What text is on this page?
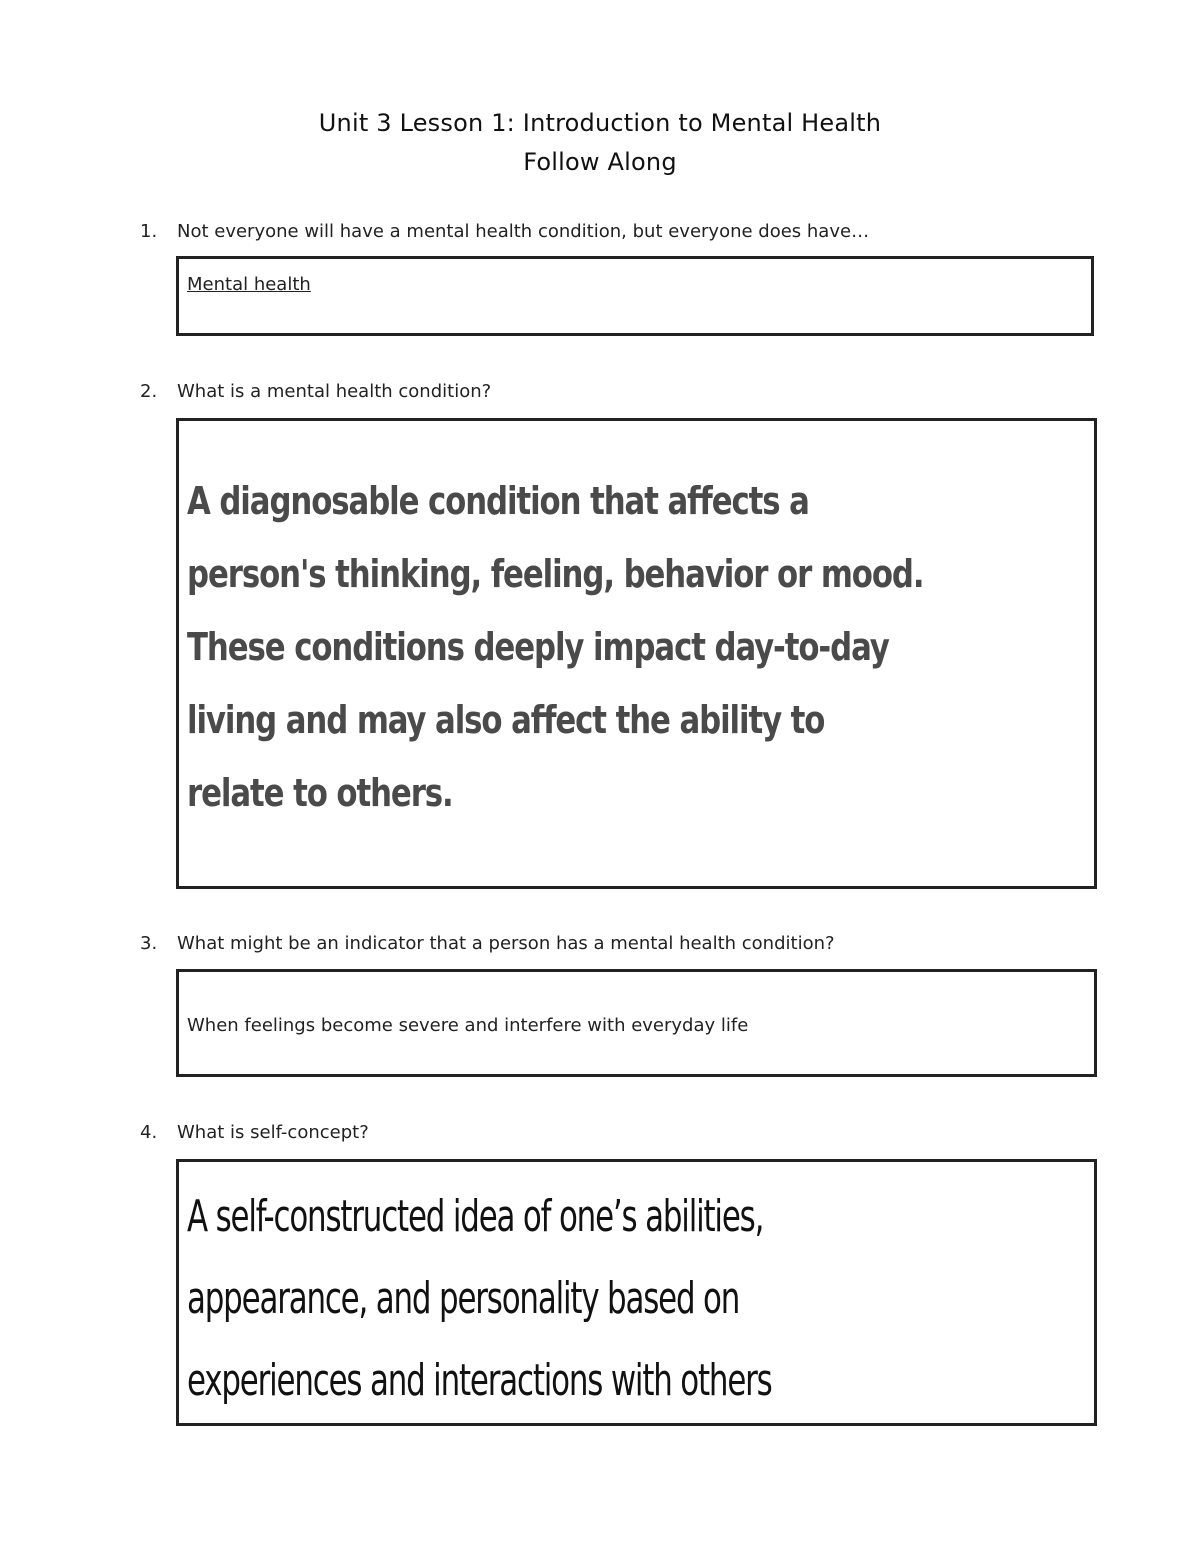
Unit 3 Lesson 1: Introduction to Mental Health
Follow Along
1. Not everyone will have a mental health condition, but everyone does have…
Mental health
2. What is a mental health condition?
A diagnosable condition that affects a
person's thinking, feeling, behavior or mood.
These conditions deeply impact day-to-day
living and may also affect the ability to
relate to others.
3. What might be an indicator that a person has a mental health condition?
When feelings become severe and interfere with everyday life
4. What is self-concept?
A self-constructed idea of one’s abilities,
appearance, and personality based on
experiences and interactions with others
